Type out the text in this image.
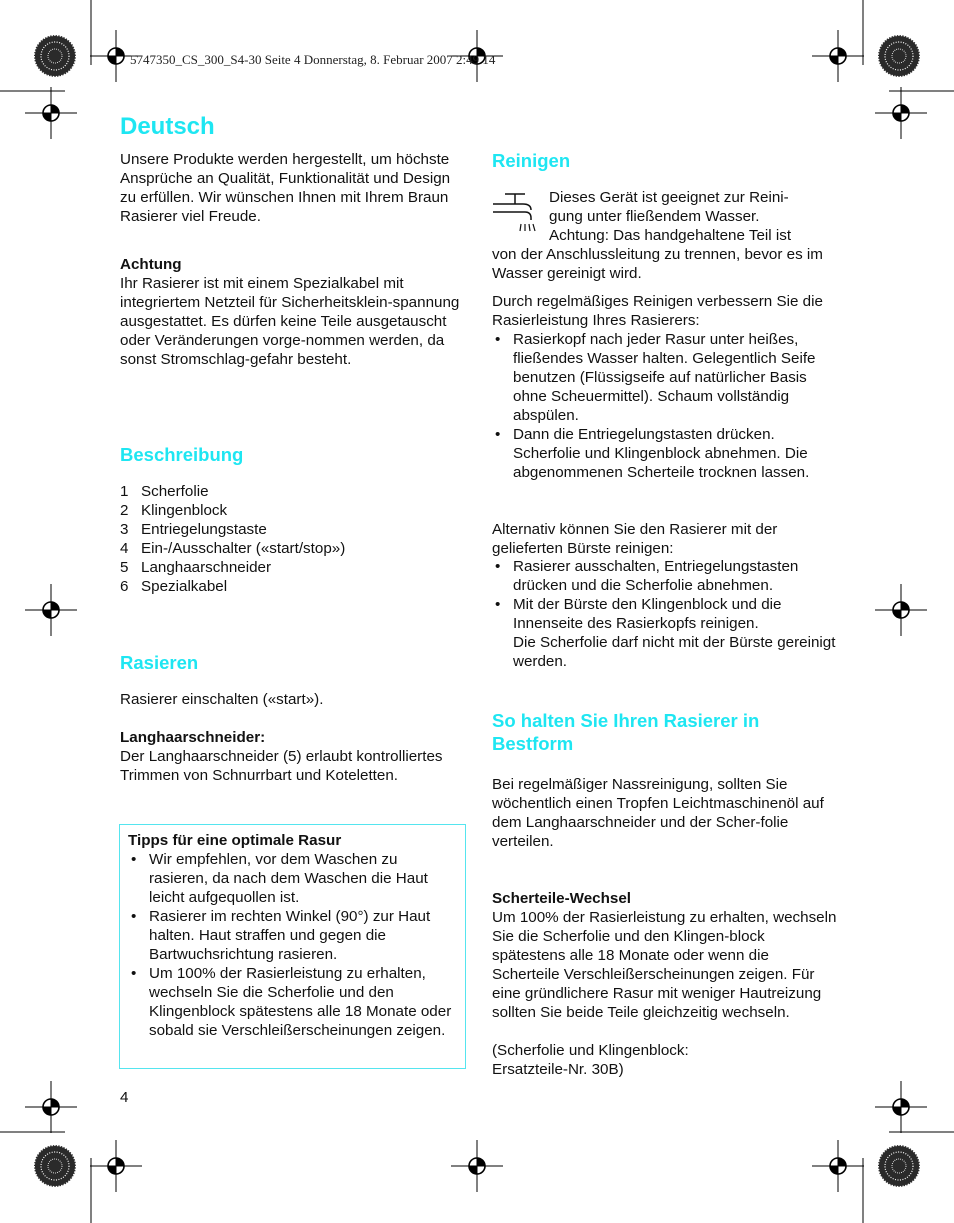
5747350_CS_300_S4-30 Seite 4 Donnerstag, 8. Februar 2007 2:49 14
Deutsch

Unsere Produkte werden hergestellt, um höchste Ansprüche an Qualität, Funktionalität und Design zu erfüllen. Wir wünschen Ihnen mit Ihrem Braun Rasierer viel Freude.

Achtung

Ihr Rasierer ist mit einem Spezialkabel mit integriertem Netzteil für Sicherheitsklein-spannung ausgestattet. Es dürfen keine Teile ausgetauscht oder Veränderungen vorge-nommen werden, da sonst Stromschlag-gefahr besteht.

Beschreibung
1 Scherfolie
2 Klingenblock
3 Entriegelungstaste
4 Ein-/Ausschalter («start/stop»)
5 Langhaarschneider
6 Spezialkabel
Rasieren

Rasierer einschalten («start»).

Langhaarschneider:

Der Langhaarschneider (5) erlaubt kontrolliertes Trimmen von Schnurrbart und Koteletten.

Tipps für eine optimale Rasur

• Wir empfehlen, vor dem Waschen zu rasieren, da nach dem Waschen die Haut leicht aufgequollen ist.
• Rasierer im rechten Winkel (90°) zur Haut halten. Haut straffen und gegen die Bartwuchsrichtung rasieren.
• Um 100% der Rasierleistung zu erhalten, wechseln Sie die Scherfolie und den Klingenblock spätestens alle 18 Monate oder sobald sie Verschleißerscheinungen zeigen.

4

Reinigen

Dieses Gerät ist geeignet zur Reini-

gung unter fließendem Wasser.

Achtung: Das handgehaltene Teil ist

von der Anschlussleitung zu trennen, bevor es im Wasser gereinigt wird.

Durch regelmäßiges Reinigen verbessern Sie die Rasierleistung Ihres Rasierers:

• Rasierkopf nach jeder Rasur unter heißes, fließendes Wasser halten. Gelegentlich Seife benutzen (Flüssigseife auf natürlicher Basis ohne Scheuermittel). Schaum vollständig abspülen.
• Dann die Entriegelungstasten drücken. Scherfolie und Klingenblock abnehmen. Die abgenommenen Scherteile trocknen lassen.

Alternativ können Sie den Rasierer mit der gelieferten Bürste reinigen:

• Rasierer ausschalten, Entriegelungstasten drücken und die Scherfolie abnehmen.
• Mit der Bürste den Klingenblock und die Innenseite des Rasierkopfs reinigen.
Die Scherfolie darf nicht mit der Bürste gereinigt werden.
So halten Sie Ihren Rasierer in Bestform

Bei regelmäßiger Nassreinigung, sollten Sie wöchentlich einen Tropfen Leichtmaschinenöl auf dem Langhaarschneider und der Scher-folie verteilen.

Scherteile-Wechsel

Um 100% der Rasierleistung zu erhalten, wechseln Sie die Scherfolie und den Klingen-block spätestens alle 18 Monate oder wenn die Scherteile Verschleißerscheinungen zeigen. Für eine gründlichere Rasur mit weniger Hautreizung sollten Sie beide Teile gleichzeitig wechseln.

(Scherfolie und Klingenblock:

Ersatzteile-Nr. 30B)
